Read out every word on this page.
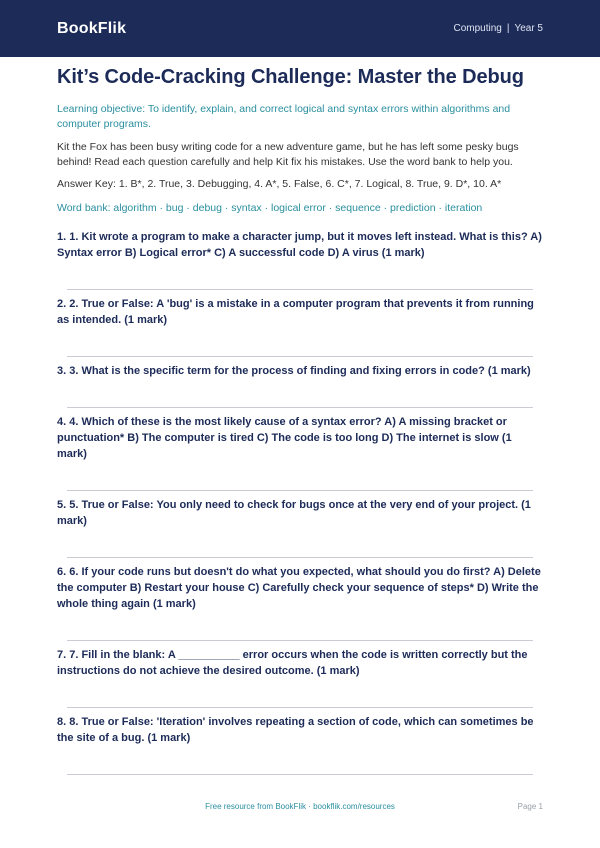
BookFlik	Computing | Year 5
Kit’s Code-Cracking Challenge: Master the Debug

Learning objective: To identify, explain, and correct logical and syntax errors within algorithms and computer programs.

Kit the Fox has been busy writing code for a new adventure game, but he has left some pesky bugs behind! Read each question carefully and help Kit fix his mistakes. Use the word bank to help you.

Answer Key: 1. B*, 2. True, 3. Debugging, 4. A*, 5. False, 6. C*, 7. Logical, 8. True, 9. D*, 10. A*

Word bank: algorithm · bug · debug · syntax · logical error · sequence · prediction · iteration

1. 1. Kit wrote a program to make a character jump, but it moves left instead. What is this? A) Syntax error B) Logical error* C) A successful code D) A virus (1 mark)

2. 2. True or False: A 'bug' is a mistake in a computer program that prevents it from running as intended. (1 mark)

3. 3. What is the specific term for the process of finding and fixing errors in code? (1 mark)

4. 4. Which of these is the most likely cause of a syntax error? A) A missing bracket or punctuation* B) The computer is tired C) The code is too long D) The internet is slow (1 mark)

5. 5. True or False: You only need to check for bugs once at the very end of your project. (1 mark)

6. 6. If your code runs but doesn't do what you expected, what should you do first? A) Delete the computer B) Restart your house C) Carefully check your sequence of steps* D) Write the whole thing again (1 mark)

7. 7. Fill in the blank: A __________ error occurs when the code is written correctly but the instructions do not achieve the desired outcome. (1 mark)

8. 8. True or False: 'Iteration' involves repeating a section of code, which can sometimes be the site of a bug. (1 mark)

Free resource from BookFlik · bookflik.com/resources	Page 1
